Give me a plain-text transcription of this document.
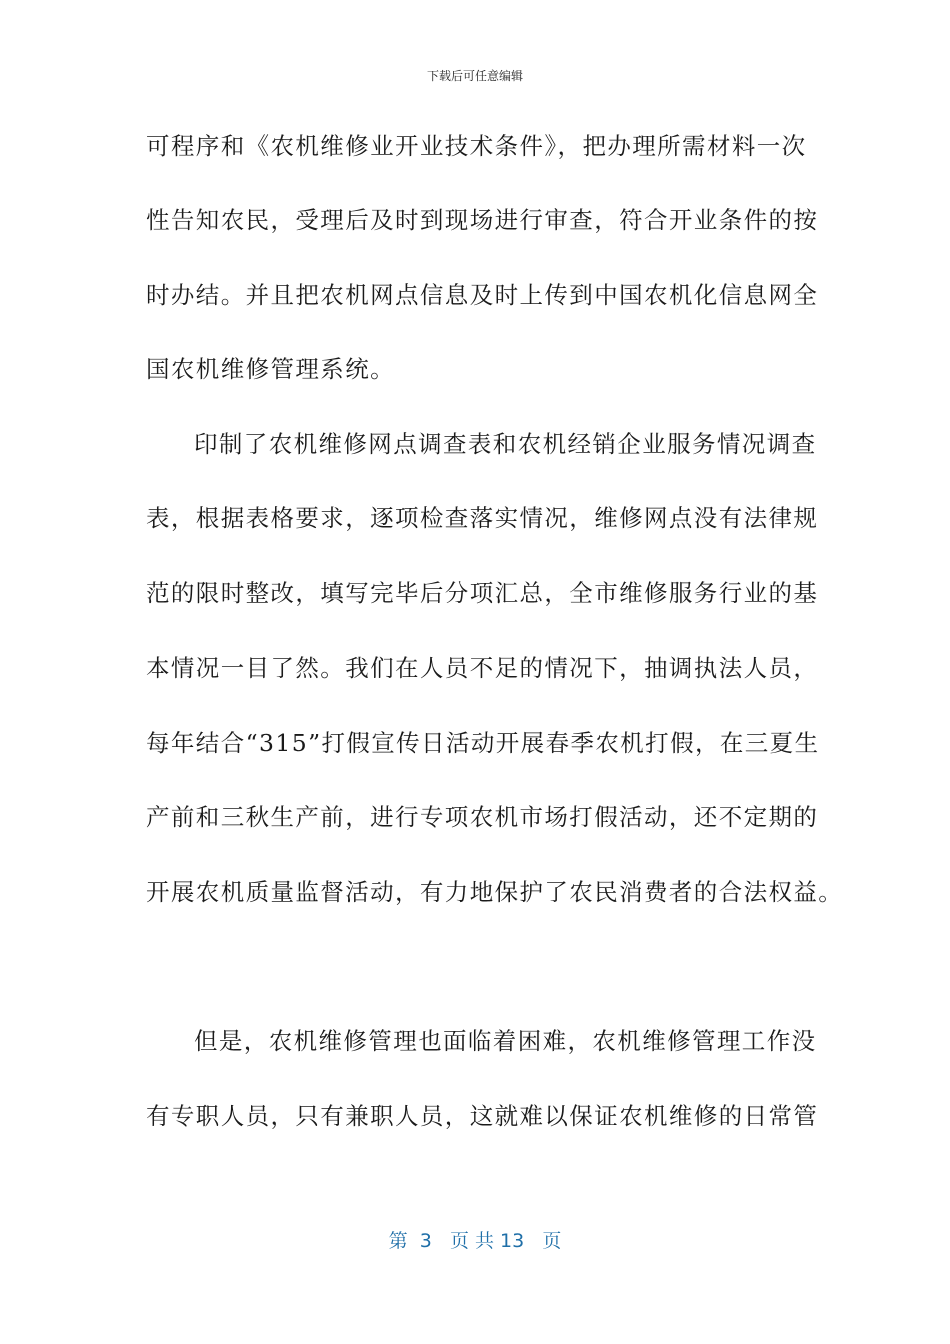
下载后可任意编辑
可程序和《农机维修业开业技术条件》，把办理所需材料一次
性告知农民，受理后及时到现场进行审查，符合开业条件的按
时办结。并且把农机网点信息及时上传到中国农机化信息网全
国农机维修管理系统。
印制了农机维修网点调查表和农机经销企业服务情况调查
表，根据表格要求，逐项检查落实情况，维修网点没有法律规
范的限时整改，填写完毕后分项汇总，全市维修服务行业的基
本情况一目了然。我们在人员不足的情况下，抽调执法人员，
每年结合“315”打假宣传日活动开展春季农机打假，在三夏生
产前和三秋生产前，进行专项农机市场打假活动，还不定期的
开展农机质量监督活动，有力地保护了农民消费者的合法权益。
但是，农机维修管理也面临着困难，农机维修管理工作没
有专职人员，只有兼职人员，这就难以保证农机维修的日常管
第  3   页 共 13   页
